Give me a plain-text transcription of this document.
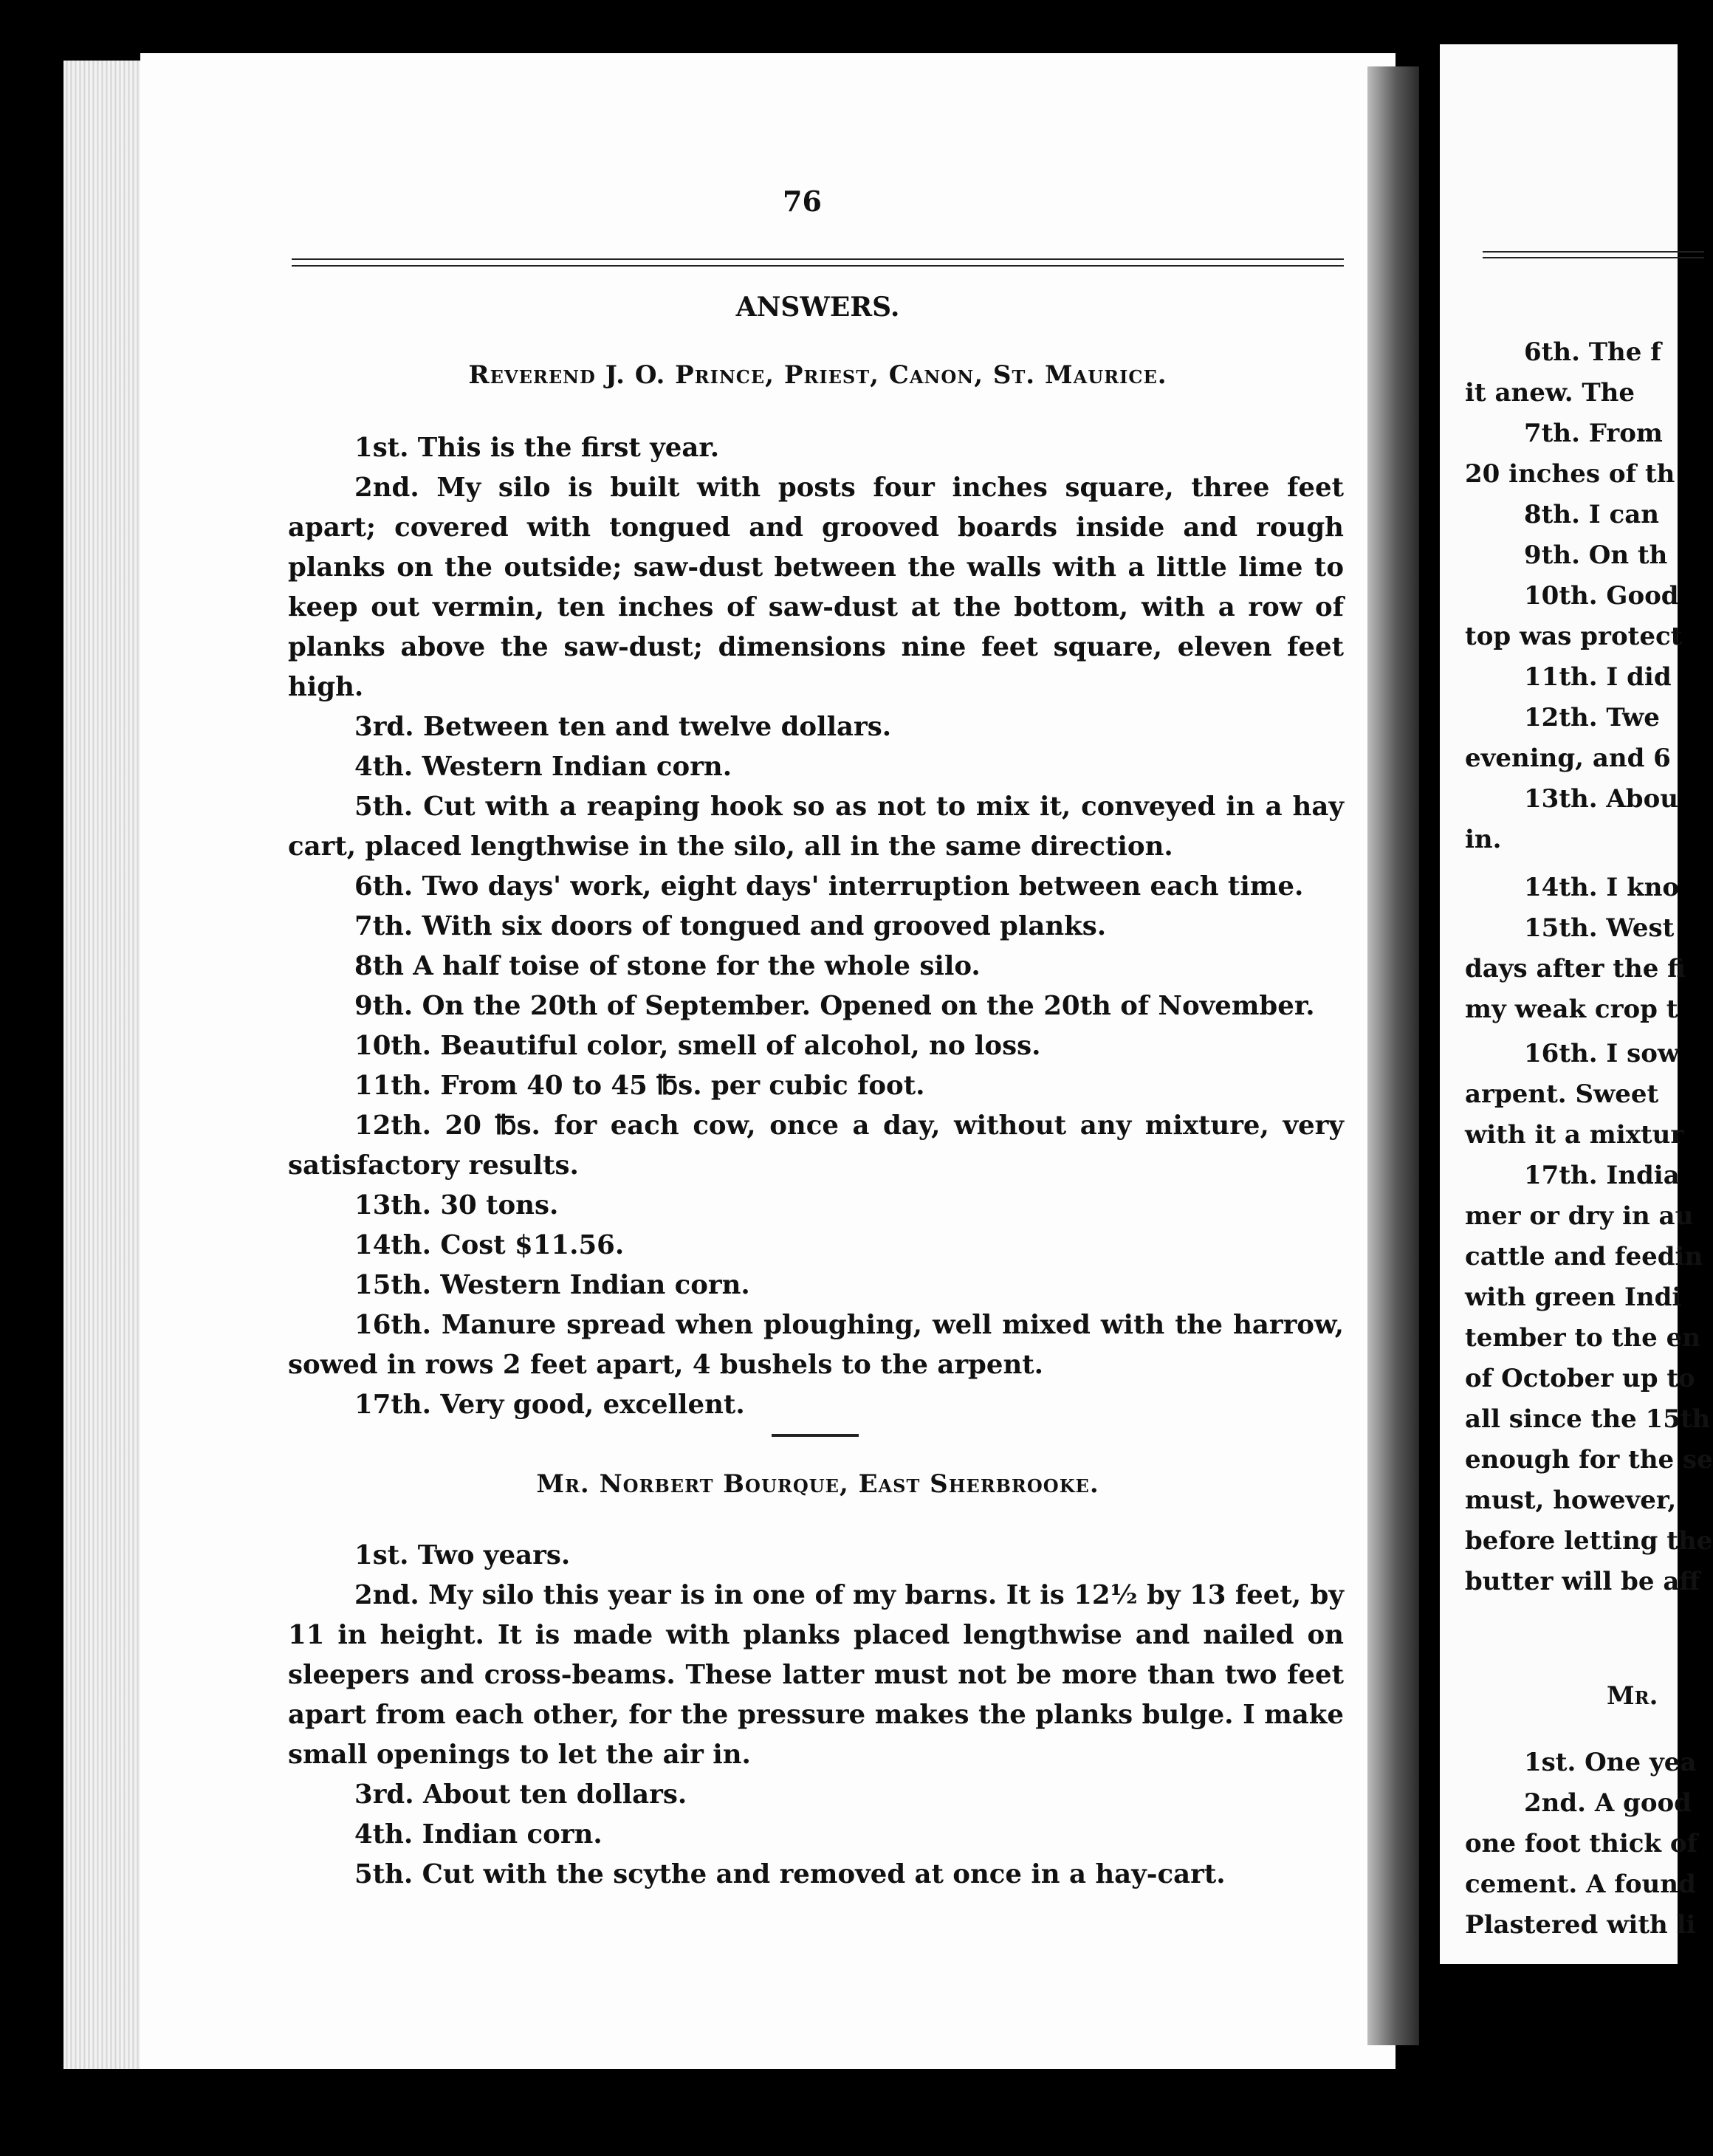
6th. The f
it anew. The
7th. From
20 inches of th
8th. I can
9th. On th
10th. Good
top was protect
11th. I did
12th. Twe
evening, and 6
13th. Abou
in.
14th. I kno
15th. West
days after the fi
my weak crop t
16th. I sow
arpent. Sweet
with it a mixtur
17th. India
mer or dry in au
cattle and feedin
with green Indi
tember to the en
of October up to
all since the 15th
enough for the se
must, however,
before letting the
butter will be aff
Mr.
1st. One yea
2nd. A good
one foot thick of
cement. A found
Plastered with li
76
ANSWERS.
Reverend J. O. Prince, Priest, Canon, St. Maurice.

1st. This is the first year.

2nd. My silo is built with posts four inches square, three feet apart; covered with tongued and grooved boards inside and rough planks on the outside; saw-dust between the walls with a little lime to keep out vermin, ten inches of saw-dust at the bottom, with a row of planks above the saw-dust; dimensions nine feet square, eleven feet high.

3rd. Between ten and twelve dollars.

4th. Western Indian corn.

5th. Cut with a reaping hook so as not to mix it, conveyed in a hay cart, placed lengthwise in the silo, all in the same direction.

6th. Two days' work, eight days' interruption between each time.

7th. With six doors of tongued and grooved planks.

8th A half toise of stone for the whole silo.

9th. On the 20th of September. Opened on the 20th of November.

10th. Beautiful color, smell of alcohol, no loss.

11th. From 40 to 45 ℔s. per cubic foot.

12th. 20 ℔s. for each cow, once a day, without any mixture, very satisfactory results.

13th. 30 tons.

14th. Cost $11.56.

15th. Western Indian corn.

16th. Manure spread when ploughing, well mixed with the harrow, sowed in rows 2 feet apart, 4 bushels to the arpent.

17th. Very good, excellent.

Mr. Norbert Bourque, East Sherbrooke.

1st. Two years.

2nd. My silo this year is in one of my barns. It is 12½ by 13 feet, by 11 in height. It is made with planks placed lengthwise and nailed on sleepers and cross-beams. These latter must not be more than two feet apart from each other, for the pressure makes the planks bulge. I make small openings to let the air in.

3rd. About ten dollars.

4th. Indian corn.

5th. Cut with the scythe and removed at once in a hay-cart.
